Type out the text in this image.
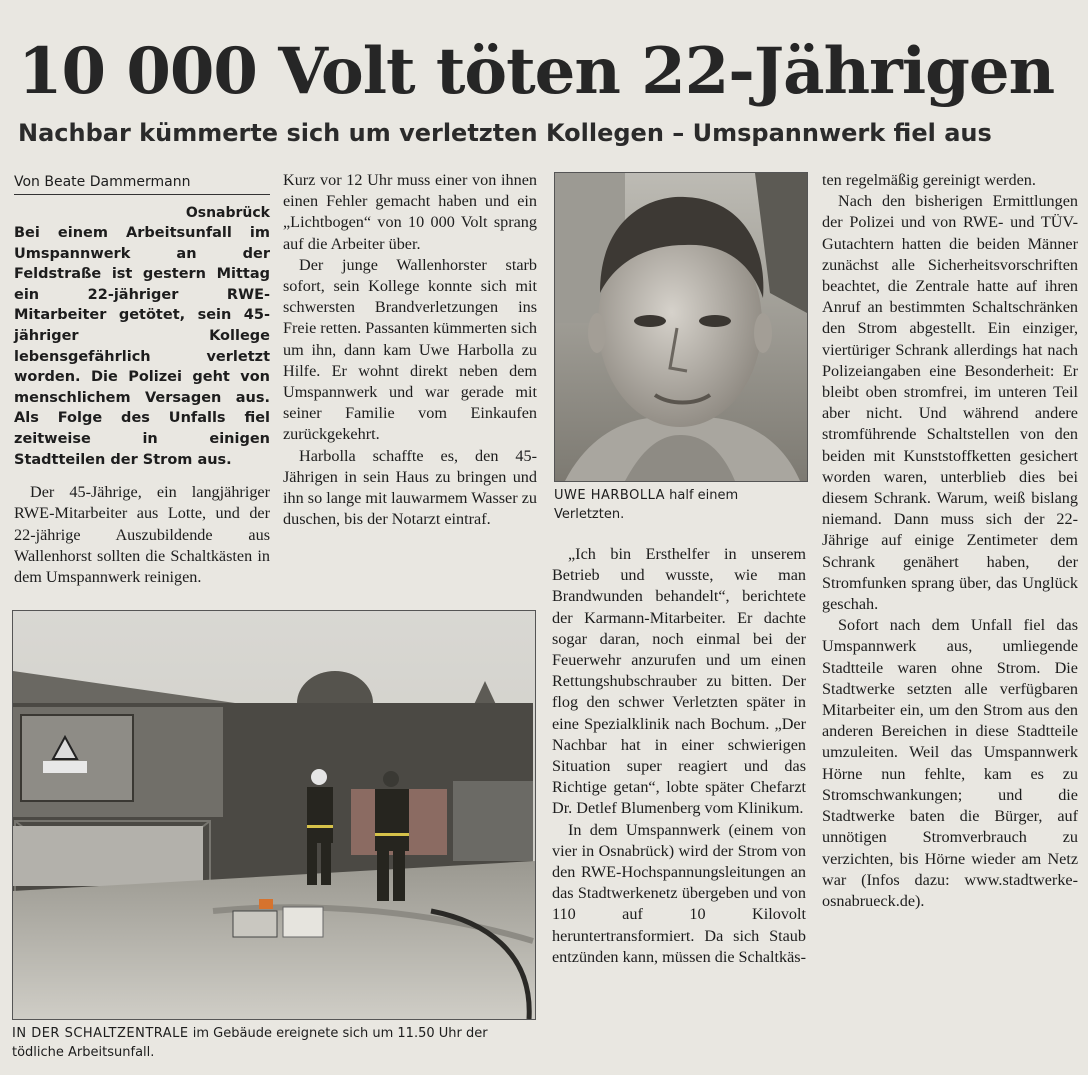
10 000 Volt töten 22-Jährigen
Nachbar kümmerte sich um verletzten Kollegen – Umspannwerk fiel aus
Von Beate Dammermann
Osnabrück
Bei einem Arbeitsunfall im Umspannwerk an der Feldstraße ist gestern Mittag ein 22-jähriger RWE-Mitarbeiter getötet, sein 45-jähriger Kollege lebensgefährlich verletzt worden. Die Polizei geht von menschlichem Versagen aus. Als Folge des Unfalls fiel zeitweise in einigen Stadtteilen der Strom aus.

Der 45-Jährige, ein langjähriger RWE-Mitarbeiter aus Lotte, und der 22-jährige Auszubildende aus Wallenhorst sollten die Schaltkästen in dem Umspannwerk reinigen.

Kurz vor 12 Uhr muss einer von ihnen einen Fehler gemacht haben und ein „Lichtbogen“ von 10 000 Volt sprang auf die Arbeiter über.

Der junge Wallenhorster starb sofort, sein Kollege konnte sich mit schwersten Brandverletzungen ins Freie retten. Passanten kümmerten sich um ihn, dann kam Uwe Harbolla zu Hilfe. Er wohnt direkt neben dem Umspannwerk und war gerade mit seiner Familie vom Einkaufen zurückgekehrt.

Harbolla schaffte es, den 45-Jährigen in sein Haus zu bringen und ihn so lange mit lauwarmem Wasser zu duschen, bis der Notarzt eintraf.

UWE HARBOLLA half einem Verletzten.

„Ich bin Ersthelfer in unserem Betrieb und wusste, wie man Brandwunden behandelt“, berichtete der Karmann-Mitarbeiter. Er dachte sogar daran, noch einmal bei der Feuerwehr anzurufen und um einen Rettungshubschrauber zu bitten. Der flog den schwer Verletzten später in eine Spezialklinik nach Bochum. „Der Nachbar hat in einer schwierigen Situation super reagiert und das Richtige getan“, lobte später Chefarzt Dr. Detlef Blumenberg vom Klinikum.

In dem Umspannwerk (einem von vier in Osnabrück) wird der Strom von den RWE-Hochspannungsleitungen an das Stadtwerkenetz übergeben und von 110 auf 10 Kilovolt heruntertransformiert. Da sich Staub entzünden kann, müssen die Schaltkäs-

ten regelmäßig gereinigt werden.

Nach den bisherigen Ermittlungen der Polizei und von RWE- und TÜV-Gutachtern hatten die beiden Männer zunächst alle Sicherheitsvorschriften beachtet, die Zentrale hatte auf ihren Anruf an bestimmten Schaltschränken den Strom abgestellt. Ein einziger, viertüriger Schrank allerdings hat nach Polizeiangaben eine Besonderheit: Er bleibt oben stromfrei, im unteren Teil aber nicht. Und während andere stromführende Schaltstellen von den beiden mit Kunststoffketten gesichert worden waren, unterblieb dies bei diesem Schrank. Warum, weiß bislang niemand. Dann muss sich der 22-Jährige auf einige Zentimeter dem Schrank genähert haben, der Stromfunken sprang über, das Unglück geschah.

Sofort nach dem Unfall fiel das Umspannwerk aus, umliegende Stadtteile waren ohne Strom. Die Stadtwerke setzten alle verfügbaren Mitarbeiter ein, um den Strom aus den anderen Bereichen in diese Stadtteile umzuleiten. Weil das Umspannwerk Hörne nun fehlte, kam es zu Stromschwankungen; und die Stadtwerke baten die Bürger, auf unnötigen Stromverbrauch zu verzichten, bis Hörne wieder am Netz war (Infos dazu: www.stadtwerke-osnabrueck.de).

IN DER SCHALTZENTRALE im Gebäude ereignete sich um 11.50 Uhr der tödliche Arbeitsunfall.
